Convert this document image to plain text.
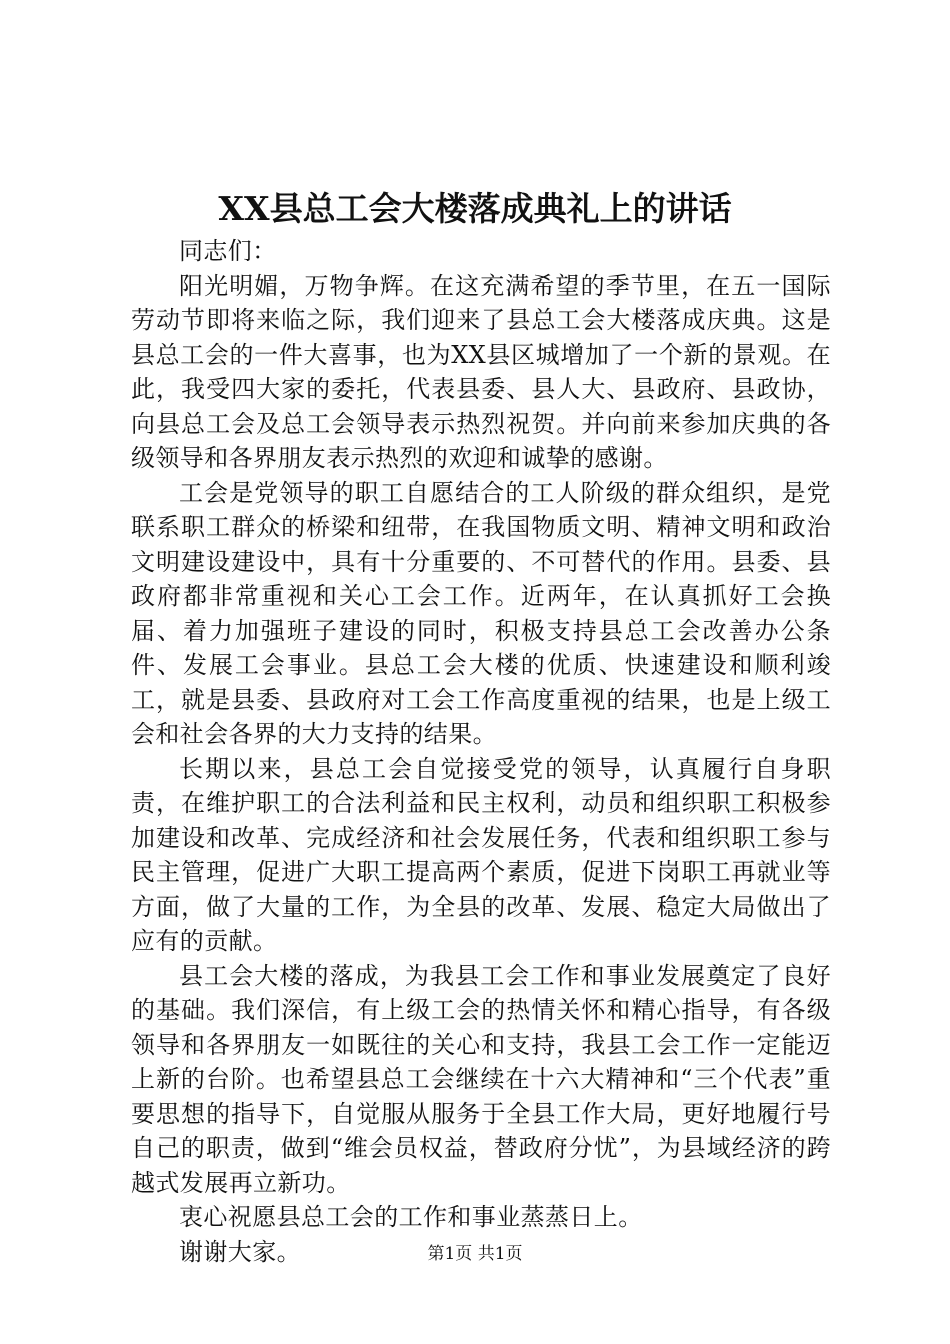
XX县总工会大楼落成典礼上的讲话

同志们：

阳光明媚，万物争辉。在这充满希望的季节里，在五一国际劳动节即将来临之际，我们迎来了县总工会大楼落成庆典。这是县总工会的一件大喜事，也为XX县区城增加了一个新的景观。在此，我受四大家的委托，代表县委、县人大、县政府、县政协，向县总工会及总工会领导表示热烈祝贺。并向前来参加庆典的各级领导和各界朋友表示热烈的欢迎和诚挚的感谢。

工会是党领导的职工自愿结合的工人阶级的群众组织，是党联系职工群众的桥梁和纽带，在我国物质文明、精神文明和政治文明建设建设中，具有十分重要的、不可替代的作用。县委、县政府都非常重视和关心工会工作。近两年，在认真抓好工会换届、着力加强班子建设的同时，积极支持县总工会改善办公条件、发展工会事业。县总工会大楼的优质、快速建设和顺利竣工，就是县委、县政府对工会工作高度重视的结果，也是上级工会和社会各界的大力支持的结果。

长期以来，县总工会自觉接受党的领导，认真履行自身职责，在维护职工的合法利益和民主权利，动员和组织职工积极参加建设和改革、完成经济和社会发展任务，代表和组织职工参与民主管理，促进广大职工提高两个素质，促进下岗职工再就业等方面，做了大量的工作，为全县的改革、发展、稳定大局做出了应有的贡献。

县工会大楼的落成，为我县工会工作和事业发展奠定了良好的基础。我们深信，有上级工会的热情关怀和精心指导，有各级领导和各界朋友一如既往的关心和支持，我县工会工作一定能迈上新的台阶。也希望县总工会继续在十六大精神和“三个代表”重要思想的指导下，自觉服从服务于全县工作大局，更好地履行号自己的职责，做到“维会员权益，替政府分忧”，为县域经济的跨越式发展再立新功。

衷心祝愿县总工会的工作和事业蒸蒸日上。

谢谢大家。	第1页 共1页
